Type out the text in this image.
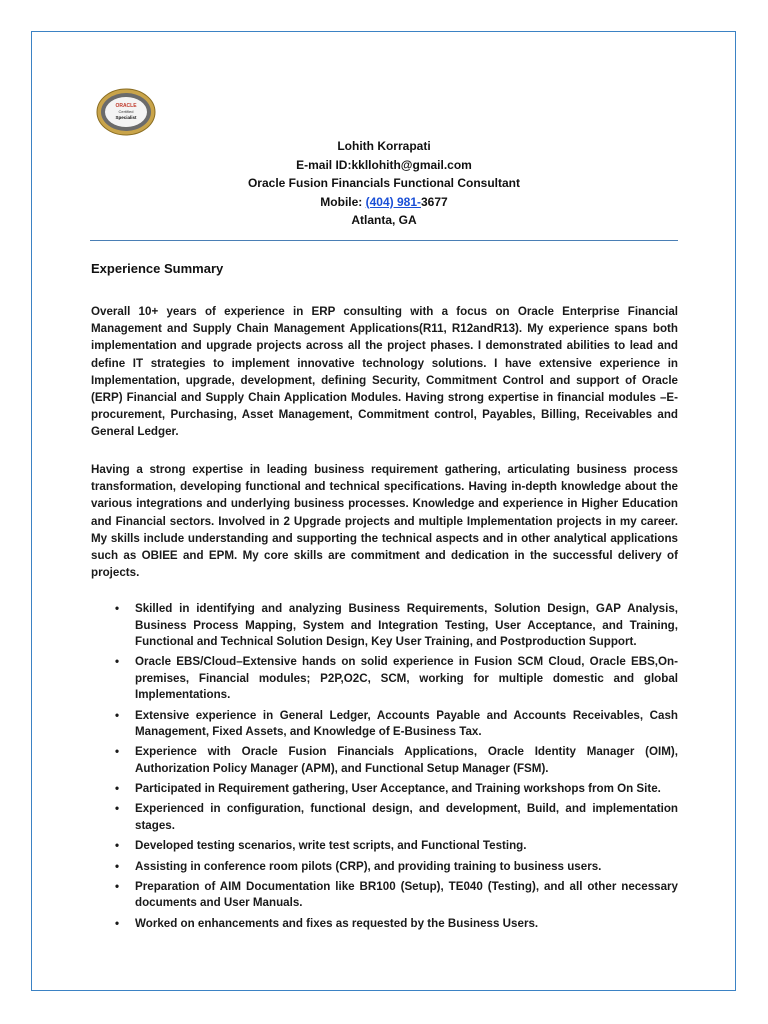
ORACLE
Certified
Specialist
Lohith Korrapati
E-mail ID:kkllohith@gmail.com
Oracle Fusion Financials Functional Consultant
Mobile: (404) 981-3677
Atlanta, GA
Experience Summary
Overall 10+ years of experience in ERP consulting with a focus on Oracle Enterprise Financial Management and Supply Chain Management Applications(R11, R12andR13). My experience spans both implementation and upgrade projects across all the project phases. I demonstrated abilities to lead and define IT strategies to implement innovative technology solutions. I have extensive experience in Implementation, upgrade, development, defining Security, Commitment Control and support of Oracle (ERP) Financial and Supply Chain Application Modules. Having strong expertise in financial modules –E-procurement, Purchasing, Asset Management, Commitment control, Payables, Billing, Receivables and General Ledger.
Having a strong expertise in leading business requirement gathering, articulating business process transformation, developing functional and technical specifications. Having in-depth knowledge about the various integrations and underlying business processes. Knowledge and experience in Higher Education and Financial sectors. Involved in 2 Upgrade projects and multiple Implementation projects in my career. My skills include understanding and supporting the technical aspects and in other analytical applications such as OBIEE and EPM. My core skills are commitment and dedication in the successful delivery of projects.
• Skilled in identifying and analyzing Business Requirements, Solution Design, GAP Analysis, Business Process Mapping, System and Integration Testing, User Acceptance, and Training, Functional and Technical Solution Design, Key User Training, and Postproduction Support.
• Oracle EBS/Cloud–Extensive hands on solid experience in Fusion SCM Cloud, Oracle EBS,On-premises, Financial modules; P2P,O2C, SCM, working for multiple domestic and global Implementations.
• Extensive experience in General Ledger, Accounts Payable and Accounts Receivables, Cash Management, Fixed Assets, and Knowledge of E-Business Tax.
• Experience with Oracle Fusion Financials Applications, Oracle Identity Manager (OIM), Authorization Policy Manager (APM), and Functional Setup Manager (FSM).
• Participated in Requirement gathering, User Acceptance, and Training workshops from On Site.
• Experienced in configuration, functional design, and development, Build, and implementation stages.
• Developed testing scenarios, write test scripts, and Functional Testing.
• Assisting in conference room pilots (CRP), and providing training to business users.
• Preparation of AIM Documentation like BR100 (Setup), TE040 (Testing), and all other necessary documents and User Manuals.
• Worked on enhancements and fixes as requested by the Business Users.
